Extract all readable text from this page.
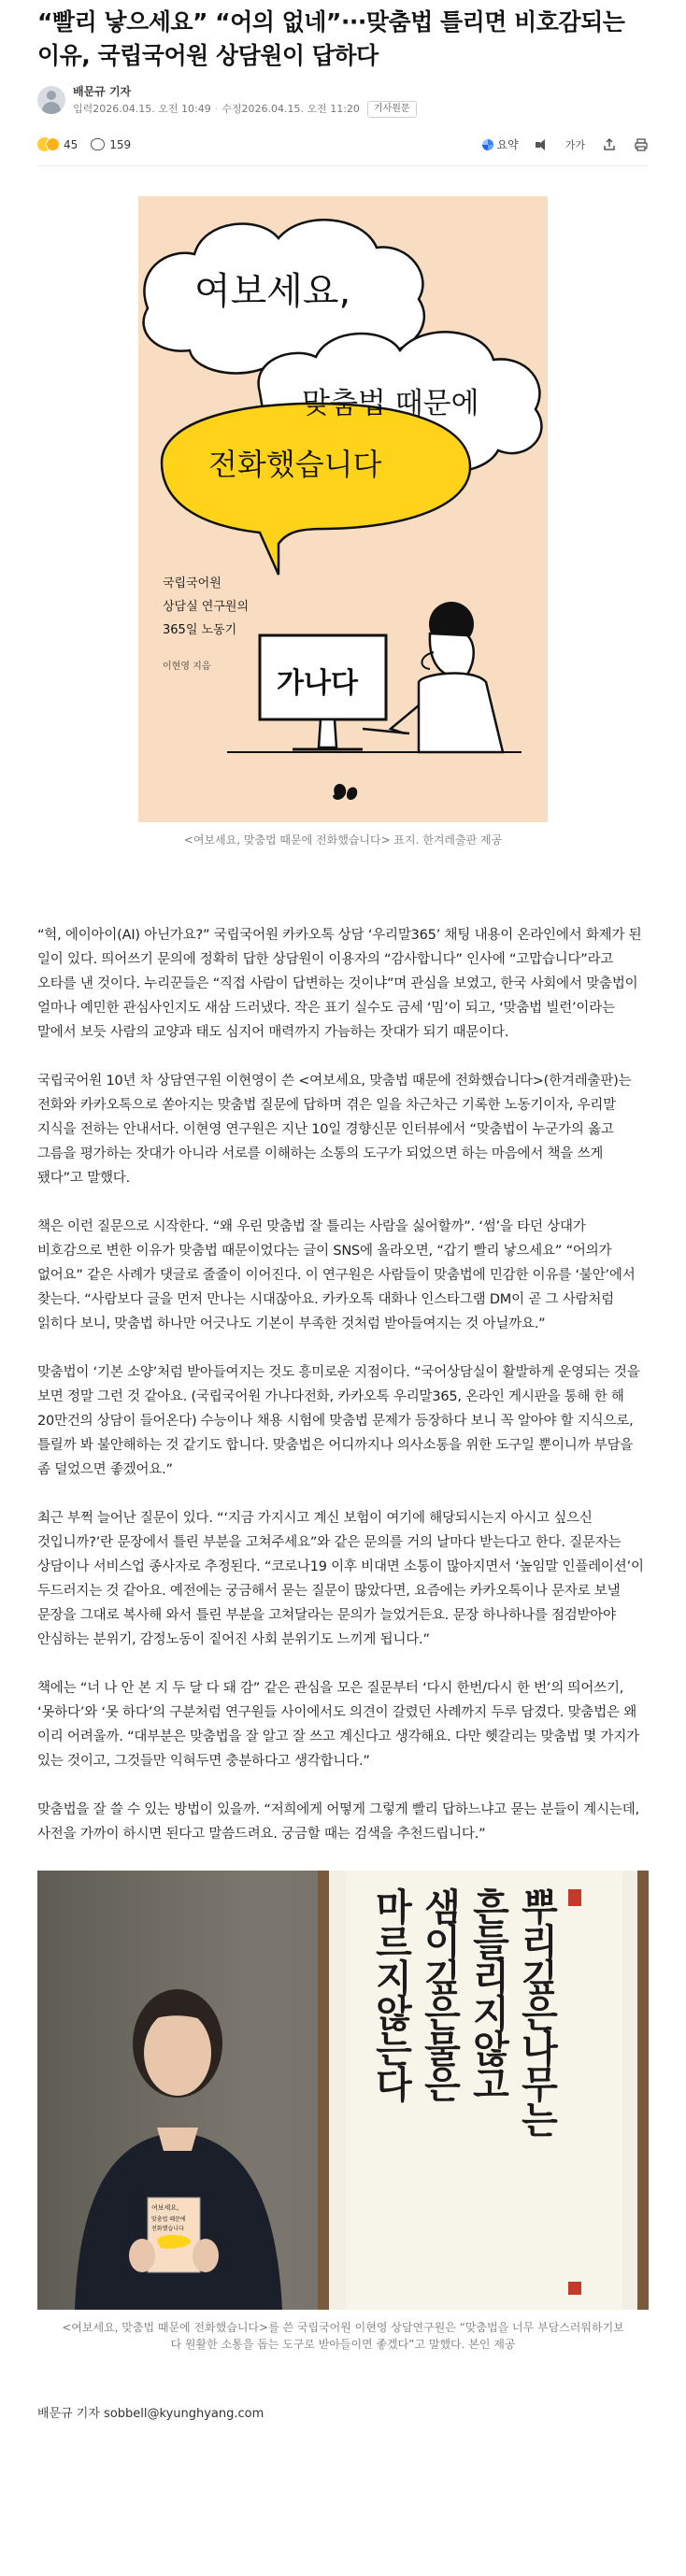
“빨리 낳으세요” “어의 없네”···맞춤법 틀리면 비호감되는 이유, 국립국어원 상담원이 답하다
배문규 기자
입력 2026.04.15. 오전 10:49 · 수정 2026.04.15. 오전 11:20	기사원문
45	159	요약	가가
여보세요,
맞춤법 때문에
전화했습니다
국립국어원
상담실 연구원의
365일 노동기
이현영 지음
가나다
<여보세요, 맞춤법 때문에 전화했습니다> 표지. 한겨레출판 제공

“헉, 에이아이(AI) 아닌가요?” 국립국어원 카카오톡 상담 ‘우리말365’ 채팅 내용이 온라인에서 화제가 된 일이 있다. 띄어쓰기 문의에 정확히 답한 상담원이 이용자의 “감사합니다” 인사에 “고맙습니다”라고 오타를 낸 것이다. 누리꾼들은 “직접 사람이 답변하는 것이냐”며 관심을 보였고, 한국 사회에서 맞춤법이 얼마나 예민한 관심사인지도 새삼 드러냈다. 작은 표기 실수도 금세 ‘밈’이 되고, ‘맞춤법 빌런’이라는 말에서 보듯 사람의 교양과 태도 심지어 매력까지 가늠하는 잣대가 되기 때문이다.

국립국어원 10년 차 상담연구원 이현영이 쓴 <여보세요, 맞춤법 때문에 전화했습니다>(한겨레출판)는 전화와 카카오톡으로 쏟아지는 맞춤법 질문에 답하며 겪은 일을 차근차근 기록한 노동기이자, 우리말 지식을 전하는 안내서다. 이현영 연구원은 지난 10일 경향신문 인터뷰에서 “맞춤법이 누군가의 옳고 그름을 평가하는 잣대가 아니라 서로를 이해하는 소통의 도구가 되었으면 하는 마음에서 책을 쓰게 됐다”고 말했다.

책은 이런 질문으로 시작한다. “왜 우린 맞춤법 잘 틀리는 사람을 싫어할까”. ‘썸’을 타던 상대가 비호감으로 변한 이유가 맞춤법 때문이었다는 글이 SNS에 올라오면, “갑기 빨리 낳으세요” “어의가 없어요” 같은 사례가 댓글로 줄줄이 이어진다. 이 연구원은 사람들이 맞춤법에 민감한 이유를 ‘불안’에서 찾는다. “사람보다 글을 먼저 만나는 시대잖아요. 카카오톡 대화나 인스타그램 DM이 곧 그 사람처럼 읽히다 보니, 맞춤법 하나만 어긋나도 기본이 부족한 것처럼 받아들여지는 것 아닐까요.”

맞춤법이 ‘기본 소양’처럼 받아들여지는 것도 흥미로운 지점이다. “국어상담실이 활발하게 운영되는 것을 보면 정말 그런 것 같아요. (국립국어원 가나다전화, 카카오톡 우리말365, 온라인 게시판을 통해 한 해 20만건의 상담이 들어온다) 수능이나 채용 시험에 맞춤법 문제가 등장하다 보니 꼭 알아야 할 지식으로, 틀릴까 봐 불안해하는 것 같기도 합니다. 맞춤법은 어디까지나 의사소통을 위한 도구일 뿐이니까 부담을 좀 덜었으면 좋겠어요.”

최근 부쩍 늘어난 질문이 있다. “‘지금 가지시고 계신 보험이 여기에 해당되시는지 아시고 싶으신 것입니까?’란 문장에서 틀린 부분을 고쳐주세요”와 같은 문의를 거의 날마다 받는다고 한다. 질문자는 상담이나 서비스업 종사자로 추정된다. “코로나19 이후 비대면 소통이 많아지면서 ‘높임말 인플레이션’이 두드러지는 것 같아요. 예전에는 궁금해서 묻는 질문이 많았다면, 요즘에는 카카오톡이나 문자로 보낼 문장을 그대로 복사해 와서 틀린 부분을 고쳐달라는 문의가 늘었거든요. 문장 하나하나를 점검받아야 안심하는 분위기, 감정노동이 짙어진 사회 분위기도 느끼게 됩니다.”

책에는 “너 나 안 본 지 두 달 다 돼 감” 같은 관심을 모은 질문부터 ‘다시 한번/다시 한 번’의 띄어쓰기, ‘못하다’와 ‘못 하다’의 구분처럼 연구원들 사이에서도 의견이 갈렸던 사례까지 두루 담겼다. 맞춤법은 왜 이리 어려울까. “대부분은 맞춤법을 잘 알고 잘 쓰고 계신다고 생각해요. 다만 헷갈리는 맞춤법 몇 가지가 있는 것이고, 그것들만 익혀두면 충분하다고 생각합니다.”

맞춤법을 잘 쓸 수 있는 방법이 있을까. “저희에게 어떻게 그렇게 빨리 답하느냐고 묻는 분들이 계시는데, 사전을 가까이 하시면 된다고 말씀드려요. 궁금할 때는 검색을 추천드립니다.”

뿌리깊은나무는
흔들리지않고
샘이깊은물은
마르지않는다
여보세요,
맞춤법 때문에
전화했습니다
<여보세요, 맞춤법 때문에 전화했습니다>를 쓴 국립국어원 이현영 상담연구원은 “맞춤법을 너무 부담스러워하기보다 원활한 소통을 돕는 도구로 받아들이면 좋겠다”고 말했다. 본인 제공
배문규 기자 sobbell@kyunghyang.com
